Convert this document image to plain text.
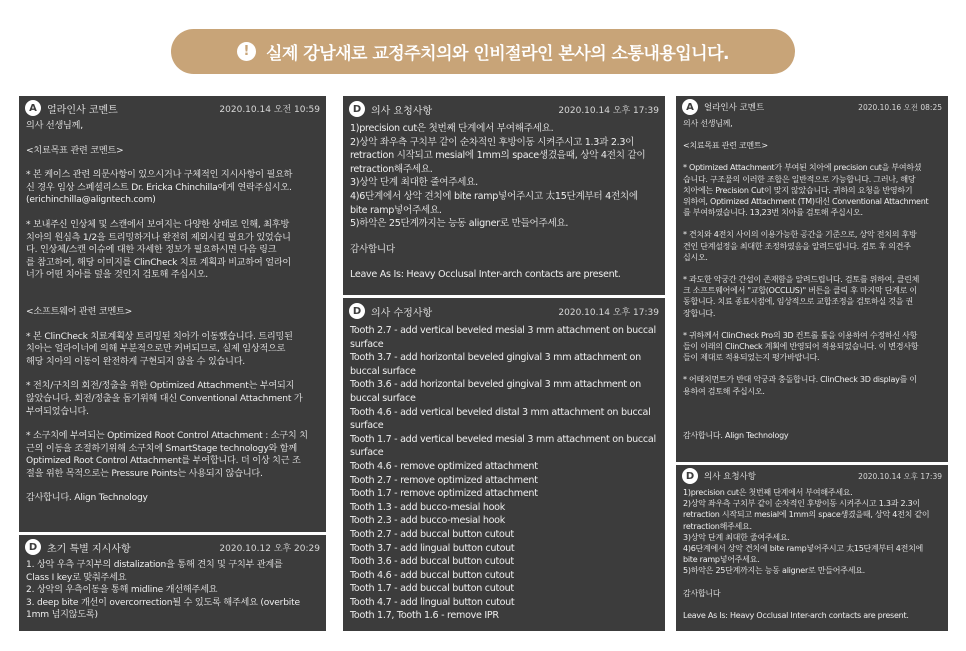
! 실제 강남새로 교정주치의와 인비절라인 본사의 소통내용입니다.
A	얼라인사 코멘트	2020.10.14 오전 10:59
의사 선생님께,
<치료목표 관련 코멘트>
* 본 케이스 관련 의문사항이 있으시거나 구체적인 지시사항이 필요하
신 경우 임상 스페셜리스트 Dr. Ericka Chinchilla에게 연락주십시오.
(erichinchilla@aligntech.com)
* 보내주신 인상체 및 스캔에서 보여지는 다양한 상태로 인해, 최후방
치아의 원심측 1/2을 트리밍하거나 완전히 제외시킬 필요가 있었습니
다. 인상체/스캔 이슈에 대한 자세한 정보가 필요하시면 다음 링크
를 참고하여, 해당 이미지를 ClinCheck 치료 계획과 비교하여 얼라이
너가 어떤 치아를 덮을 것인지 검토해 주십시오.
<소프트웨어 관련 코멘트>
* 본 ClinCheck 치료계획상 트리밍된 치아가 이동했습니다. 트리밍된
치아는 얼라이너에 의해 부분적으로만 커버되므로, 실제 임상적으로
해당 치아의 이동이 완전하게 구현되지 않을 수 있습니다.
* 전치/구치의 회전/정출을 위한 Optimized Attachment는 부여되지
않았습니다. 회전/정출을 돕기위해 대신 Conventional Attachment 가
부여되었습니다.
* 소구치에 부여되는 Optimized Root Control Attachment : 소구치 치
근의 이동을 조절하기위해 소구치에 SmartStage technology와 함께
Optimized Root Control Attachment를 부여합니다. 더 이상 치근 조
절을 위한 목적으로는 Pressure Points는 사용되지 않습니다.
감사합니다. Align Technology
D 초기 특별 지시사항	2020.10.12 오후 20:29
1. 상악 우측 구치부의 distalization을 통해 견치 및 구치부 관계를
Class I key로 맞춰주세요
2. 상악의 우측이동을 통해 midline 개선해주세요
3. deep bite 개선이 overcorrection될 수 있도록 해주세요 (overbite
1mm 넘지않도록)
D 의사 요청사항	2020.10.14 오후 17:39
1)precision cut은 첫번째 단계에서 부여해주세요.
2)상악 좌우측 구치부 같이 순차적인 후방이동 시켜주시고 1.3과 2.3이
retraction 시작되고 mesial에 1mm의 space생겼을때, 상악 4전치 같이
retraction해주세요.
3)상악 단계 최대한 줄여주세요.
4)6단계에서 상악 견치에 bite ramp넣어주시고 太15단계부터 4전치에
bite ramp넣어주세요.
5)하악은 25단계까지는 능동 aligner로 만들어주세요.
감사합니다
Leave As Is: Heavy Occlusal Inter-arch contacts are present.
D 의사 수정사항	2020.10.14 오후 17:39
Tooth 2.7 - add vertical beveled mesial 3 mm attachment on buccal
surface
Tooth 3.7 - add horizontal beveled gingival 3 mm attachment on
buccal surface
Tooth 3.6 - add horizontal beveled gingival 3 mm attachment on
buccal surface
Tooth 4.6 - add vertical beveled distal 3 mm attachment on buccal
surface
Tooth 1.7 - add vertical beveled mesial 3 mm attachment on buccal
surface
Tooth 4.6 - remove optimized attachment
Tooth 2.7 - remove optimized attachment
Tooth 1.7 - remove optimized attachment
Tooth 1.3 - add bucco-mesial hook
Tooth 2.3 - add bucco-mesial hook
Tooth 2.7 - add buccal button cutout
Tooth 3.7 - add lingual button cutout
Tooth 3.6 - add buccal button cutout
Tooth 4.6 - add buccal button cutout
Tooth 1.7 - add buccal button cutout
Tooth 4.7 - add lingual button cutout
Tooth 1.7, Tooth 1.6 - remove IPR
A	얼라인사 코멘트	2020.10.16 오전 08:25
의사 선생님께,
<치료목표 관련 코멘트>
* Optimized Attachment가 부여된 치아에 precision cut을 부여하셨
습니다. 구조물의 이러한 조합은 일반적으로 가능합니다. 그러나, 해당
치아에는 Precision Cut이 맞지 않았습니다. 귀하의 요청을 반영하기
위하여, Optimized Attachment (TM)대신 Conventional Attachment
를 부여하였습니다. 13,23번 치아를 검토해 주십시오.
* 견치와 4전치 사이의 이용가능한 공간을 기준으로, 상악 전치의 후방
견인 단계설정을 최대한 조정하였음을 알려드립니다. 검토 후 의견주
십시오.
* 과도한 악궁간 간섭이 존재함을 알려드립니다. 검토를 위하여, 클린체
크 소프트웨어에서 "교합(OCCLUS)" 버튼을 클릭 후 마지막 단계로 이
동합니다. 치료 종료시점에, 임상적으로 교합조정을 검토하실 것을 권
장합니다.
* 귀하께서 ClinCheck Pro의 3D 컨트롤 툴을 이용하여 수정하신 사항
들이 이래의 ClinCheck 계획에 반영되어 적용되었습니다. 이 변경사항
들이 제대로 적용되었는지 평가바랍니다.
* 어태치먼트가 반대 악궁과 충돌합니다. ClinCheck 3D display를 이
용하여 검토해 주십시오.
감사합니다. Align Technology
D	의사 요청사항	2020.10.14 오후 17:39
1)precision cut은 첫번째 단계에서 부여해주세요.
2)상악 좌우측 구치부 같이 순차적인 후방이동 시켜주시고 1.3과 2.3이
retraction 시작되고 mesial에 1mm의 space생겼을때, 상악 4전치 같이
retraction해주세요.
3)상악 단계 최대한 줄여주세요.
4)6단계에서 상악 견치에 bite ramp넣어주시고 太15단계부터 4전치에
bite ramp넣어주세요.
5)하악은 25단계까지는 능동 aligner로 만들어주세요.
감사합니다
Leave As Is: Heavy Occlusal Inter-arch contacts are present.
